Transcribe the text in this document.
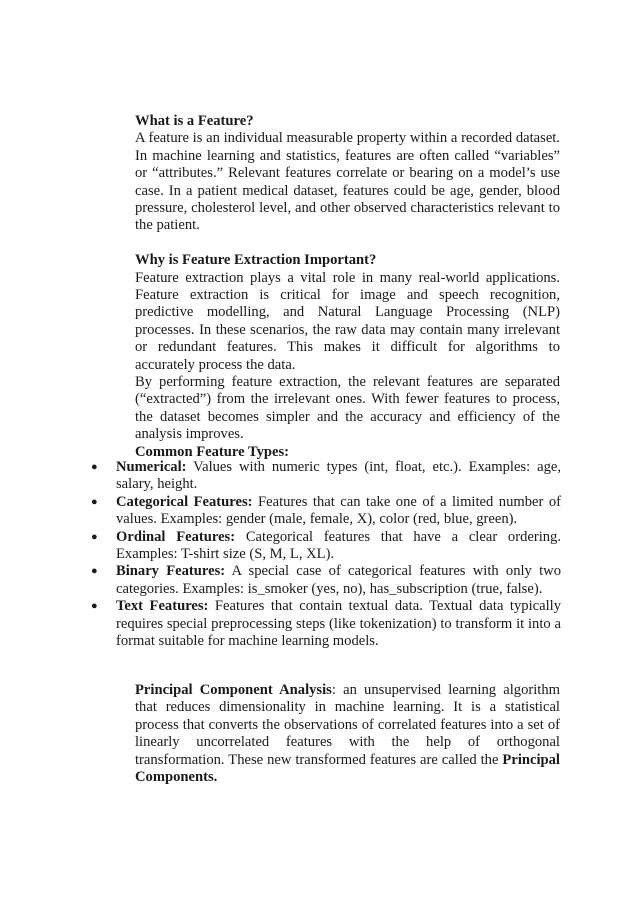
What is a Feature?

A feature is an individual measurable property within a recorded dataset. In machine learning and statistics, features are often called “variables” or “attributes.” Relevant features correlate or bearing on a model’s use case. In a patient medical dataset, features could be age, gender, blood pressure, cholesterol level, and other observed characteristics relevant to the patient.

Why is Feature Extraction Important?

Feature extraction plays a vital role in many real-world applications. Feature extraction is critical for image and speech recognition, predictive modelling, and Natural Language Processing (NLP) processes. In these scenarios, the raw data may contain many irrelevant or redundant features. This makes it difficult for algorithms to accurately process the data.

By performing feature extraction, the relevant features are separated (“extracted”) from the irrelevant ones. With fewer features to process, the dataset becomes simpler and the accuracy and efficiency of the analysis improves.

Common Feature Types:

● Numerical: Values with numeric types (int, float, etc.). Examples: age, salary, height.
● Categorical Features: Features that can take one of a limited number of values. Examples: gender (male, female, X), color (red, blue, green).
● Ordinal Features: Categorical features that have a clear ordering. Examples: T-shirt size (S, M, L, XL).
● Binary Features: A special case of categorical features with only two categories. Examples: is_smoker (yes, no), has_subscription (true, false).
● Text Features: Features that contain textual data. Textual data typically requires special preprocessing steps (like tokenization) to transform it into a format suitable for machine learning models.

Principal Component Analysis: an unsupervised learning algorithm that reduces dimensionality in machine learning. It is a statistical process that converts the observations of correlated features into a set of linearly uncorrelated features with the help of orthogonal transformation. These new transformed features are called the Principal Components.
